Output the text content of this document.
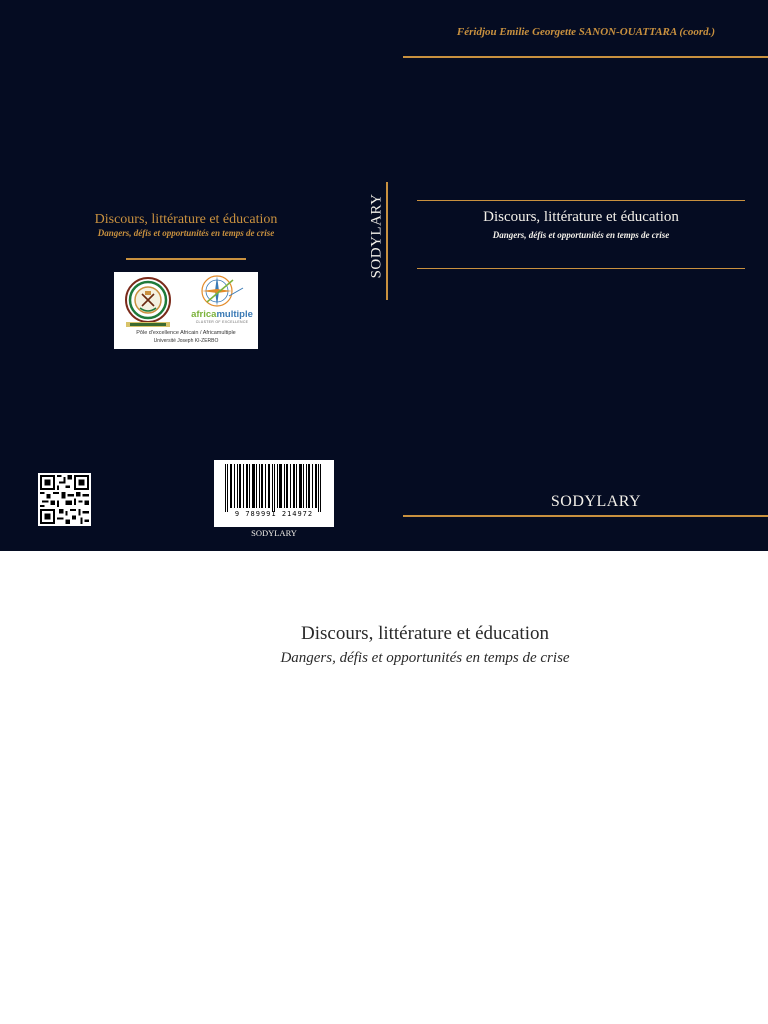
Féridjou Emilie Georgette SANON-OUATTARA (coord.)
Discours, littérature et éducation
Dangers, défis et opportunités en temps de crise
SODYLARY
SODYLARY
Discours, littérature et éducation
Dangers, défis et opportunités en temps de crise
africamultiple
CLUSTER OF EXCELLENCE
Pôle d'excellence Africain / Africamultiple
Université Joseph KI-ZERBO
9 789991 214972
SODYLARY
Discours, littérature et éducation
Dangers, défis et opportunités en temps de crise
